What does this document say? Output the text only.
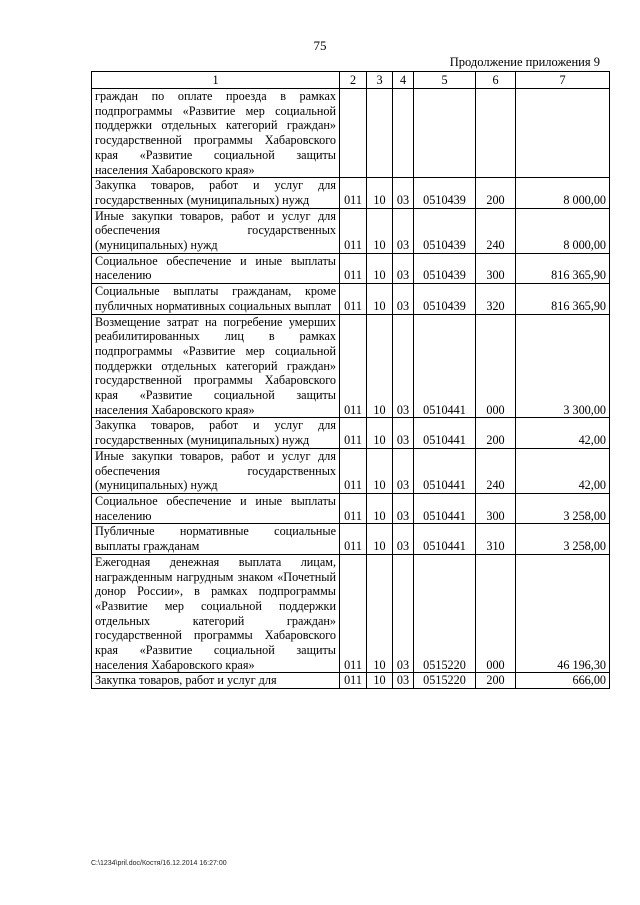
75
Продолжение приложения 9
1	2	3	4	5	6	7
граждан по оплате проезда в рамках подпрограммы «Развитие мер социальной поддержки отдельных категорий граждан» государственной программы Хабаровского края «Развитие социальной защиты населения Хабаровского края»						
Закупка товаров, работ и услуг для государственных (муниципальных) нужд	011	10	03	0510439	200	8 000,00
Иные закупки товаров, работ и услуг для обеспечения государственных (муниципальных) нужд	011	10	03	0510439	240	8 000,00
Социальное обеспечение и иные выплаты населению	011	10	03	0510439	300	816 365,90
Социальные выплаты гражданам, кроме публичных нормативных социальных выплат	011	10	03	0510439	320	816 365,90
Возмещение затрат на погребение умерших реабилитированных лиц в рамках подпрограммы «Развитие мер социальной поддержки отдельных категорий граждан» государственной программы Хабаровского края «Развитие социальной защиты населения Хабаровского края»	011	10	03	0510441	000	3 300,00
Закупка товаров, работ и услуг для государственных (муниципальных) нужд	011	10	03	0510441	200	42,00
Иные закупки товаров, работ и услуг для обеспечения государственных (муниципальных) нужд	011	10	03	0510441	240	42,00
Социальное обеспечение и иные выплаты населению	011	10	03	0510441	300	3 258,00
Публичные нормативные социальные выплаты гражданам	011	10	03	0510441	310	3 258,00
Ежегодная денежная выплата лицам, награжденным нагрудным знаком «Почетный донор России», в рамках подпрограммы «Развитие мер социальной поддержки отдельных категорий граждан» государственной программы Хабаровского края «Развитие социальной защиты населения Хабаровского края»	011	10	03	0515220	000	46 196,30
Закупка товаров, работ и услуг для	011	10	03	0515220	200	666,00
C:\1234\pril.doc/Костя/16.12.2014 16:27:00
